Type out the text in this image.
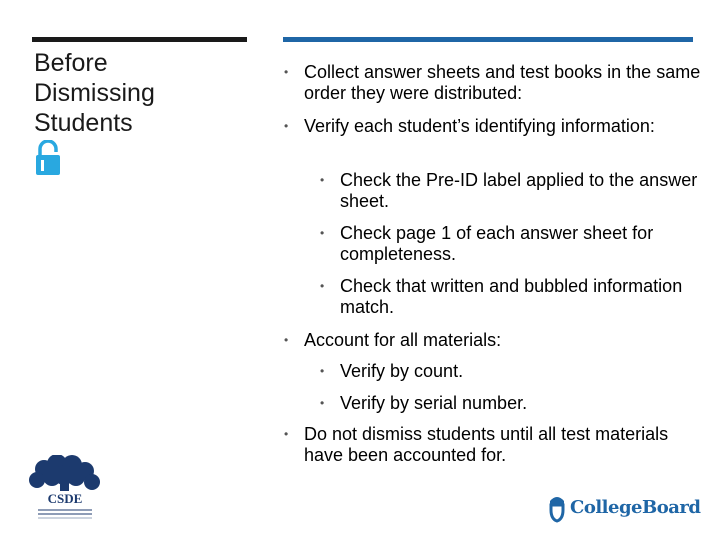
Before
Dismissing
Students
• Collect answer sheets and test books in the same order they were distributed:
• Verify each student’s identifying information:
• Check the Pre-ID label applied to the answer sheet.
• Check page 1 of each answer sheet for completeness.
• Check that written and bubbled information match.
• Account for all materials:
• Verify by count.
• Verify by serial number.
• Do not dismiss students until all test materials have been accounted for.
CSDE	CollegeBoard
